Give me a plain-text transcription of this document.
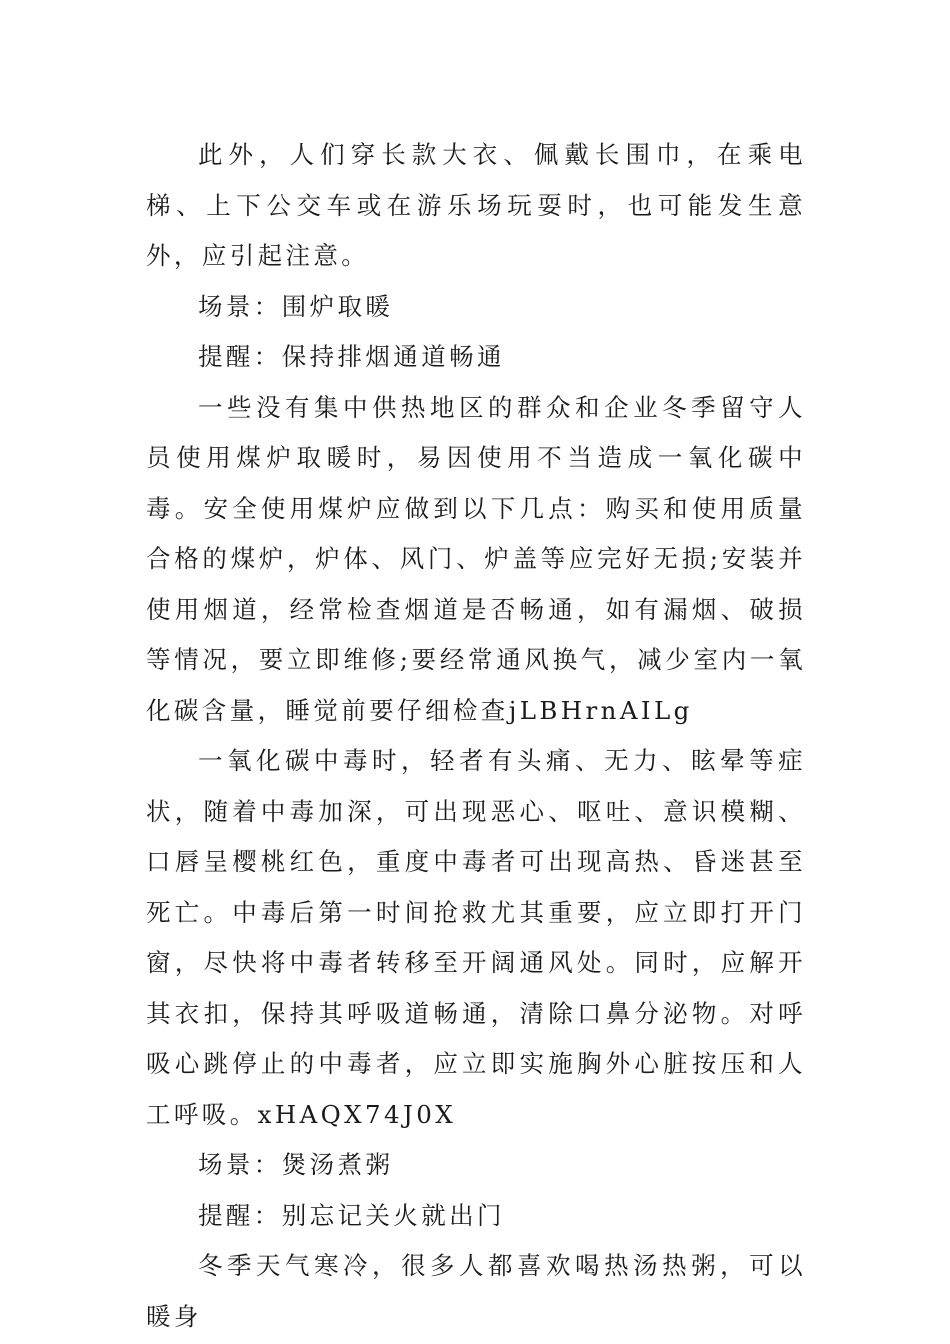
此外，人们穿长款大衣、佩戴长围巾，在乘电梯、上下公交车或在游乐场玩耍时，也可能发生意外，应引起注意。

场景：围炉取暖

提醒：保持排烟通道畅通

一些没有集中供热地区的群众和企业冬季留守人员使用煤炉取暖时，易因使用不当造成一氧化碳中毒。安全使用煤炉应做到以下几点：购买和使用质量合格的煤炉，炉体、风门、炉盖等应完好无损;安装并使用烟道，经常检查烟道是否畅通，如有漏烟、破损等情况，要立即维修;要经常通风换气，减少室内一氧化碳含量，睡觉前要仔细检查jLBHrnAILg

一氧化碳中毒时，轻者有头痛、无力、眩晕等症状，随着中毒加深，可出现恶心、呕吐、意识模糊、口唇呈樱桃红色，重度中毒者可出现高热、昏迷甚至死亡。中毒后第一时间抢救尤其重要，应立即打开门窗，尽快将中毒者转移至开阔通风处。同时，应解开其衣扣，保持其呼吸道畅通，清除口鼻分泌物。对呼吸心跳停止的中毒者，应立即实施胸外心脏按压和人工呼吸。xHAQX74J0X

场景：煲汤煮粥

提醒：别忘记关火就出门

冬季天气寒冷，很多人都喜欢喝热汤热粥，可以暖身
